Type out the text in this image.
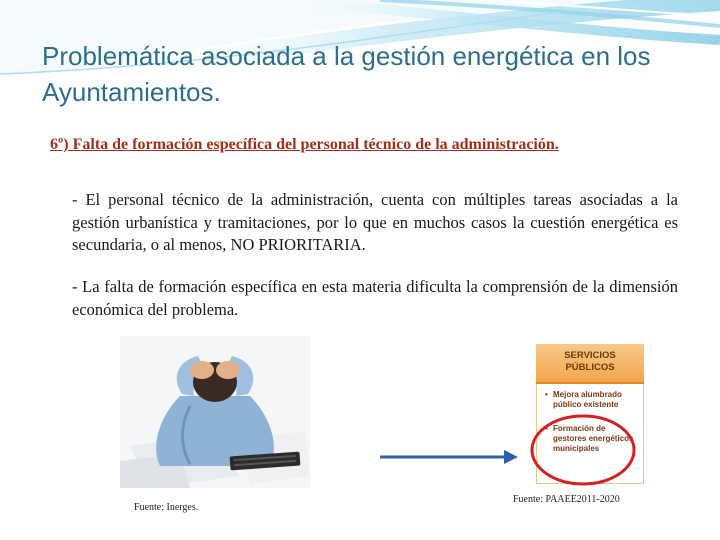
Problemática asociada a la gestión energética en los Ayuntamientos.
6º) Falta de formación específica del personal técnico de la administración.
- El personal técnico de la administración, cuenta con múltiples tareas asociadas a la gestión urbanística y tramitaciones, por lo que en muchos casos la cuestión energética es secundaria, o al menos, NO PRIORITARIA.
- La falta de formación específica en esta materia dificulta la comprensión de la dimensión económica del problema.
Fuente: Inerges.
SERVICIOS
PÚBLICOS
• Mejora alumbrado público existente
• Formación de gestores energéticos municipales
Fuente: PAAEE2011-2020
